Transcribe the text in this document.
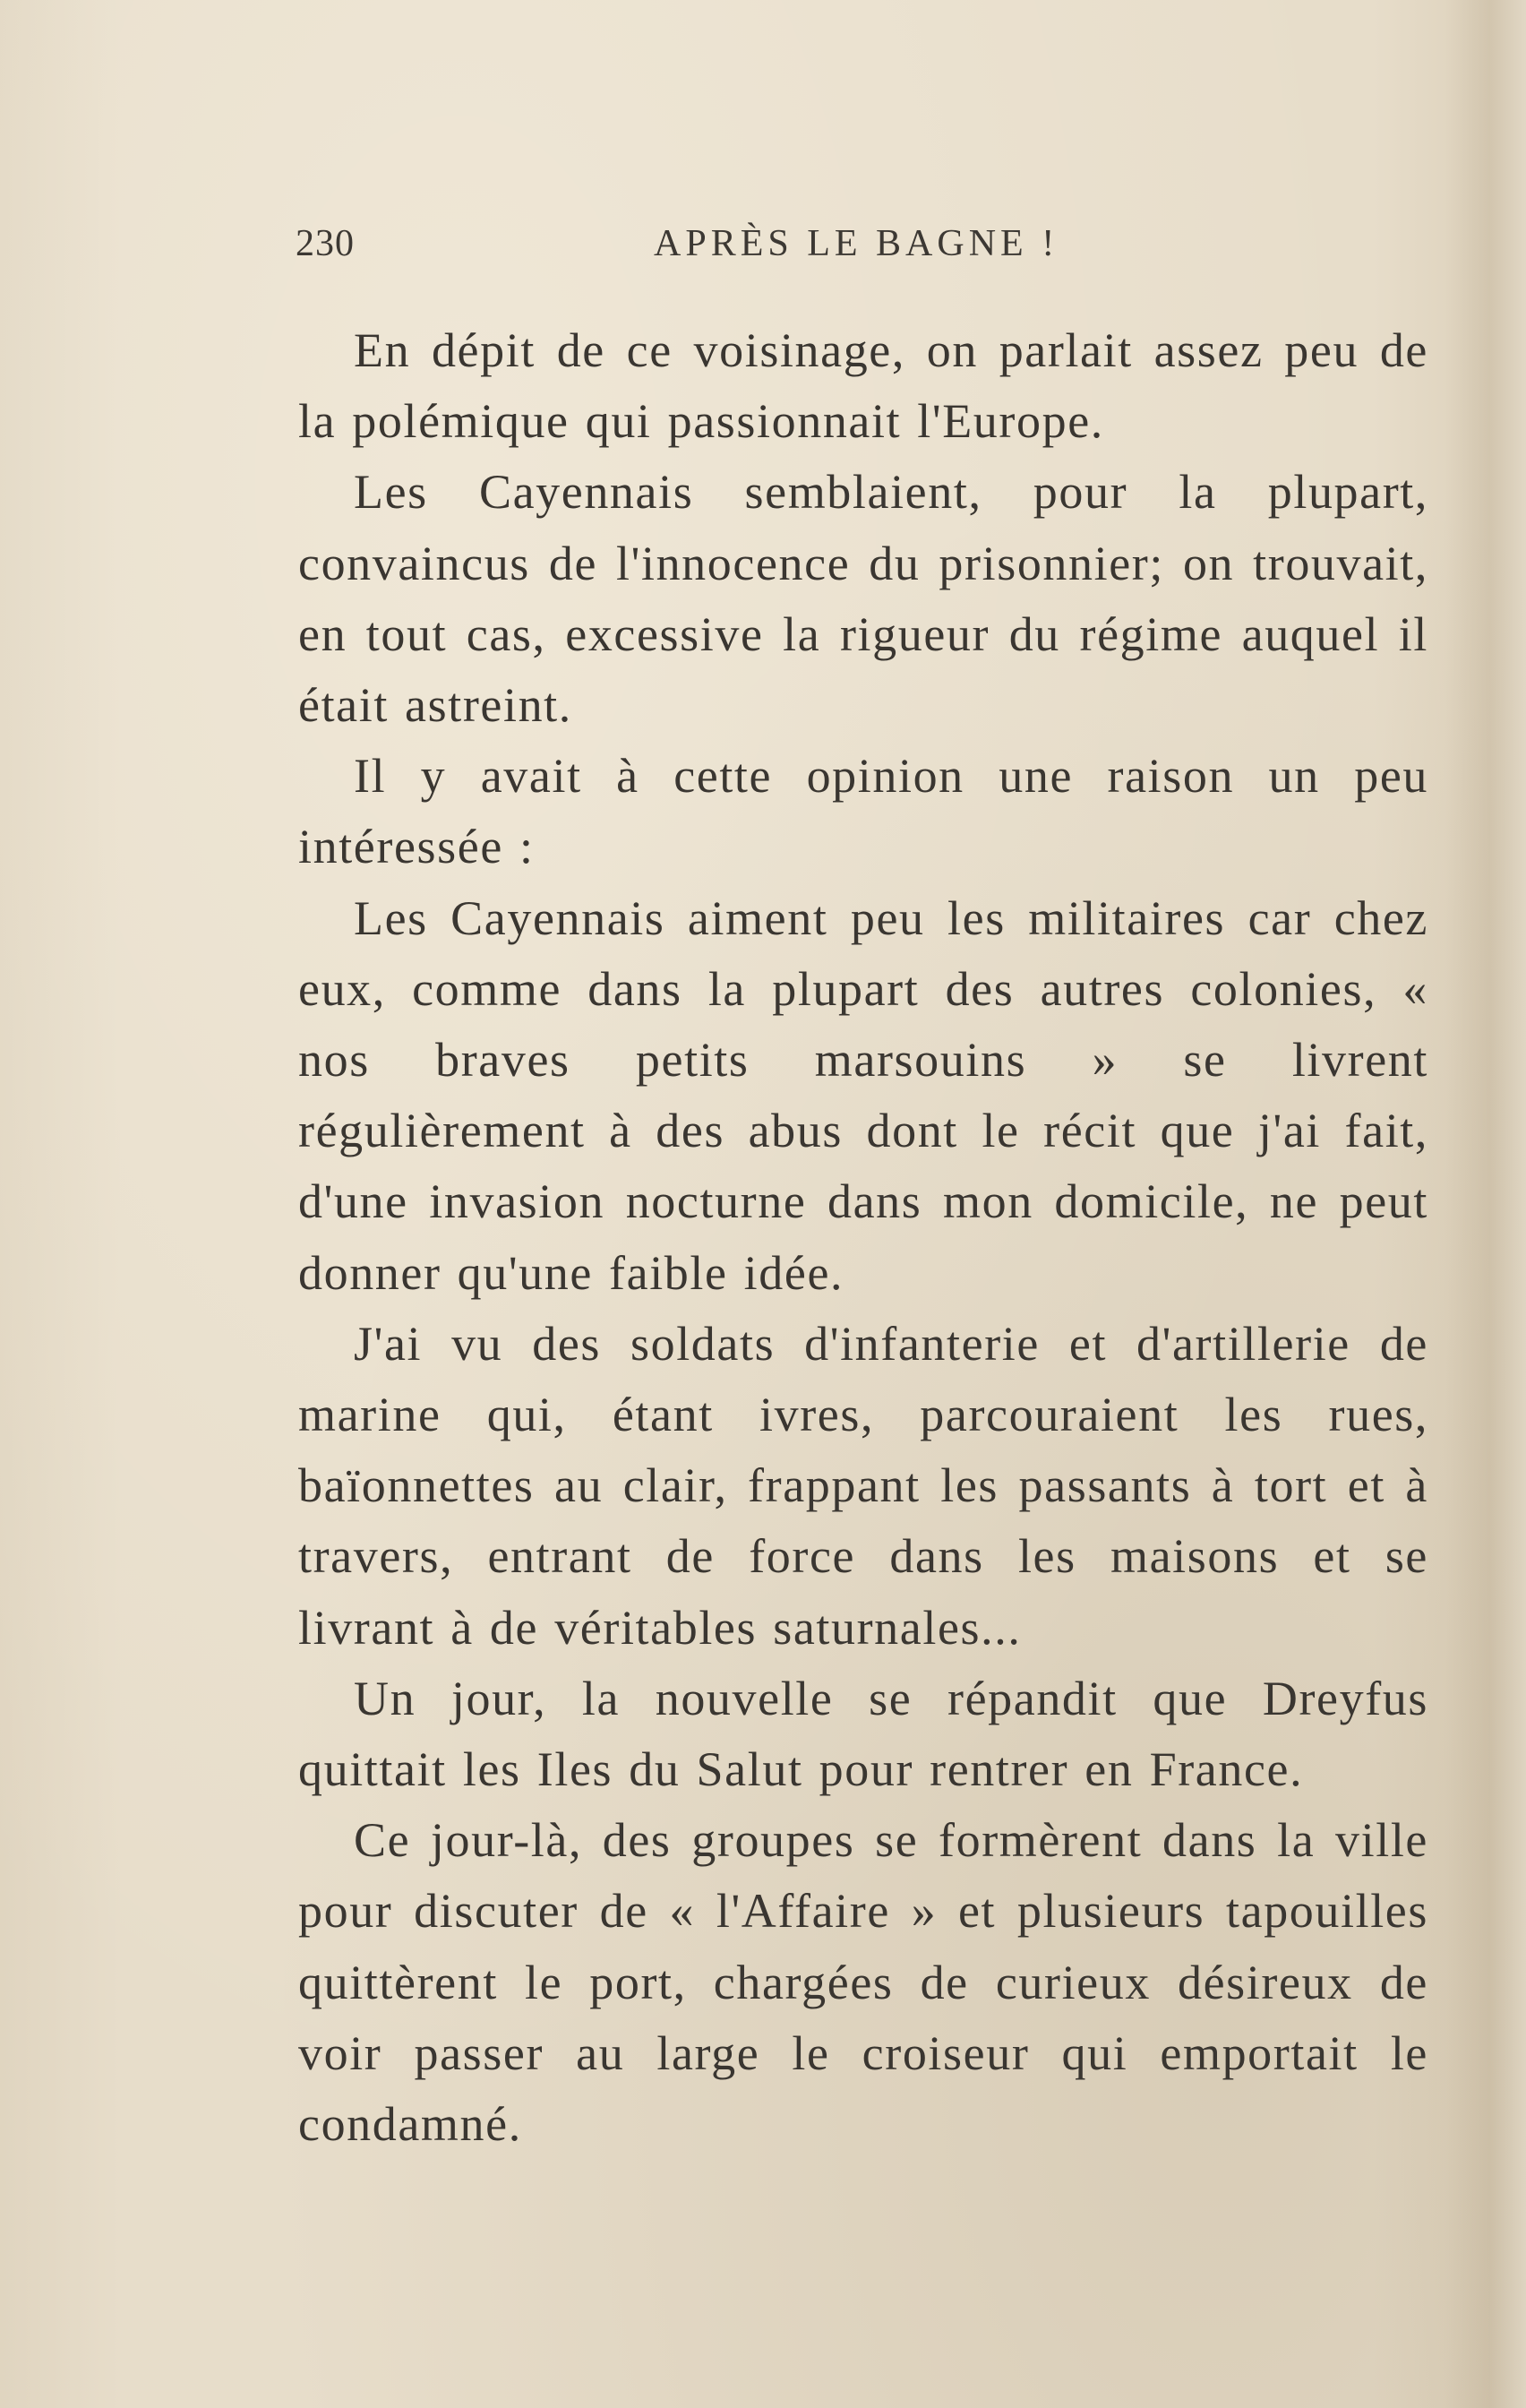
230	APRÈS LE BAGNE !

En dépit de ce voisinage, on parlait assez peu de la polémique qui passionnait l'Europe.

Les Cayennais semblaient, pour la plupart, convaincus de l'innocence du prisonnier; on trouvait, en tout cas, excessive la rigueur du régime auquel il était astreint.

Il y avait à cette opinion une raison un peu intéressée :

Les Cayennais aiment peu les militaires car chez eux, comme dans la plupart des autres colonies, « nos braves petits marsouins » se livrent régulièrement à des abus dont le récit que j'ai fait, d'une invasion nocturne dans mon domicile, ne peut donner qu'une faible idée.

J'ai vu des soldats d'infanterie et d'artillerie de marine qui, étant ivres, parcouraient les rues, baïonnettes au clair, frappant les passants à tort et à travers, entrant de force dans les maisons et se livrant à de véritables saturnales...

Un jour, la nouvelle se répandit que Dreyfus quittait les Iles du Salut pour rentrer en France.

Ce jour-là, des groupes se formèrent dans la ville pour discuter de « l'Affaire » et plusieurs tapouilles quittèrent le port, chargées de curieux désireux de voir passer au large le croiseur qui emportait le condamné.
